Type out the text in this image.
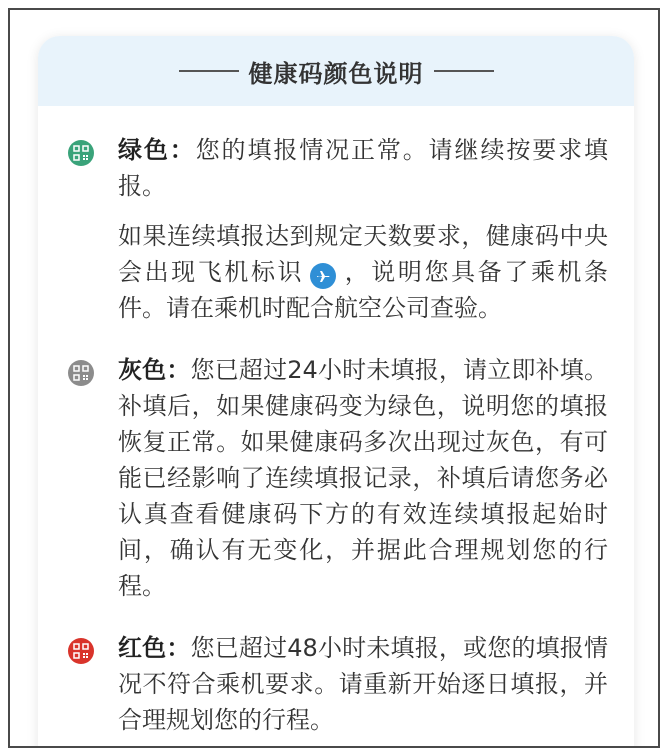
健康码颜色说明

绿色：您的填报情况正常。请继续按要求填报。

如果连续填报达到规定天数要求，健康码中央会出现飞机标识 ，说明您具备了乘机条件。请在乘机时配合航空公司查验。

灰色：您已超过24小时未填报，请立即补填。补填后，如果健康码变为绿色，说明您的填报恢复正常。如果健康码多次出现过灰色，有可能已经影响了连续填报记录，补填后请您务必认真查看健康码下方的有效连续填报起始时间，确认有无变化，并据此合理规划您的行程。

红色：您已超过48小时未填报，或您的填报情况不符合乘机要求。请重新开始逐日填报，并合理规划您的行程。
